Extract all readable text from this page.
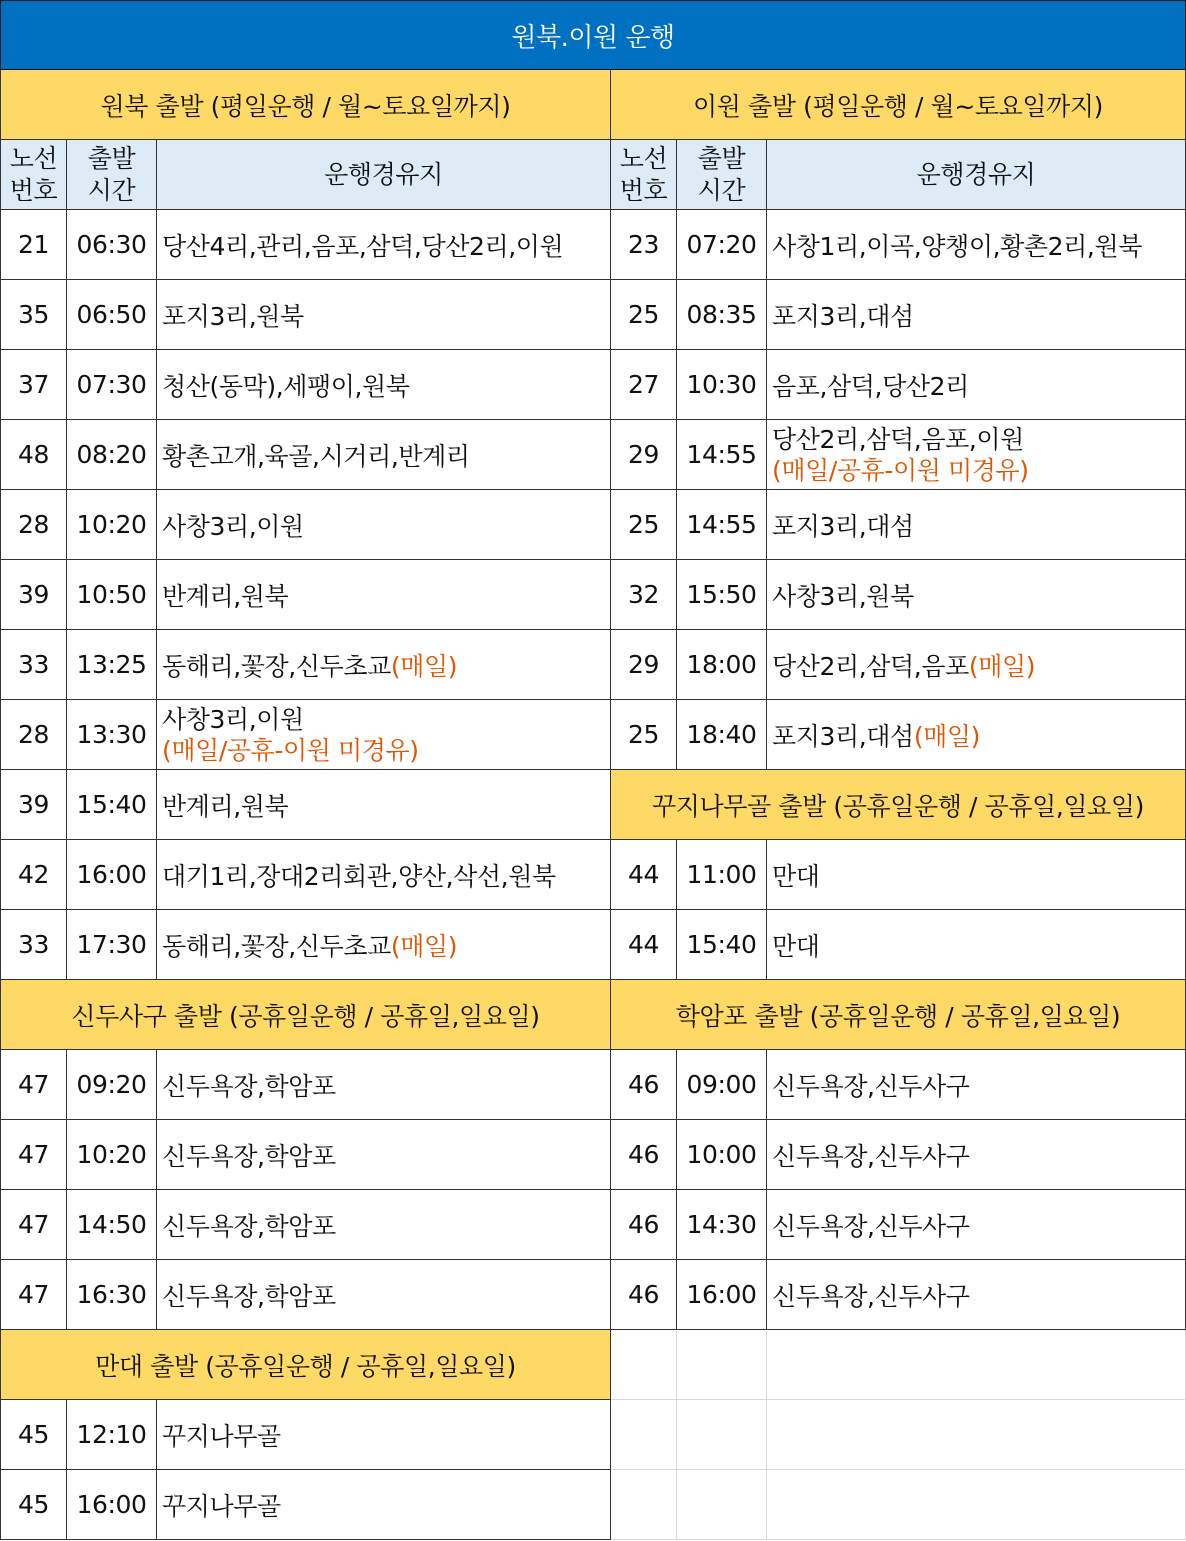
원북.이원 운행
원북 출발 (평일운행 / 월~토요일까지)
노선
번호
출발
시간
운행경유지
21	06:30 당산4리,관리,음포,삼덕,당산2리,이원
35	06:50 포지3리,원북
37	07:30 청산(동막),세팽이,원북
48	08:20 황촌고개,육골,시거리,반계리
28	10:20 사창3리,이원
39	10:50 반계리,원북
33	13:25 동해리,꽃장,신두초교 (매일)
28	13:30
사창3리,이원
(매일/공휴-이원 미경유)
39	15:40 반계리,원북
42	16:00 대기1리,장대2리회관,양산,삭선,원북
33	17:30 동해리,꽃장,신두초교 (매일)
신두사구 출발 (공휴일운행 / 공휴일,일요일)
47	09:20 신두욕장,학암포
47	10:20 신두욕장,학암포
47	14:50 신두욕장,학암포
47	16:30 신두욕장,학암포
만대 출발 (공휴일운행 / 공휴일,일요일)
45	12:10 꾸지나무골
45	16:00 꾸지나무골
이원 출발 (평일운행 / 월~토요일까지)
노선
번호
출발
시간
운행경유지
23	07:20 사창1리,이곡,양챙이,황촌2리,원북
25	08:35 포지3리,대섬
27	10:30 음포,삼덕,당산2리
29	14:55
당산2리,삼덕,음포,이원
(매일/공휴-이원 미경유)
25	14:55 포지3리,대섬
32	15:50 사창3리,원북
29	18:00 당산2리,삼덕,음포 (매일)
25	18:40 포지3리,대섬 (매일)
꾸지나무골 출발 (공휴일운행 / 공휴일,일요일)
44	11:00 만대
44	15:40 만대
학암포 출발 (공휴일운행 / 공휴일,일요일)
46	09:00 신두욕장,신두사구
46	10:00 신두욕장,신두사구
46	14:30 신두욕장,신두사구
46	16:00 신두욕장,신두사구
